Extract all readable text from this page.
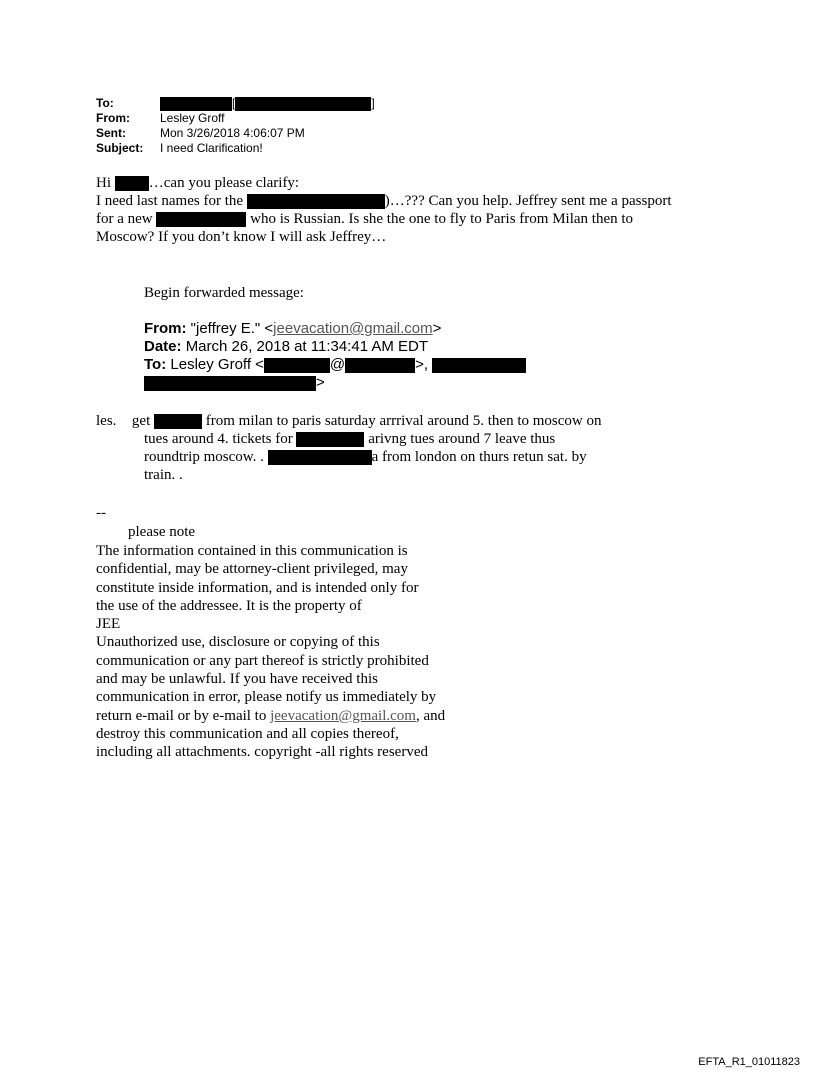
To:	[	]
From:	Lesley Groff
Sent:	Mon 3/26/2018 4:06:07 PM
Subject: I need Clarification!
Hi	…can you please clarify:
I need last names for the	)…??? Can you help. Jeffrey sent me a passport
for a new	who is Russian. Is she the one to fly to Paris from Milan then to
Moscow? If you don’t know I will ask Jeffrey…
Begin forwarded message:
From: "jeffrey E." <jeevacation@gmail.com>
Date: March 26, 2018 at 11:34:41 AM EDT
To: Lesley Groff <	@	>,
>
les. get	from milan to paris saturday arrrival around 5. then to moscow on
tues around 4. tickets for	arivng tues around 7 leave thus
roundtrip moscow. .	a from london on thurs retun sat. by
train. .
--
please note
The information contained in this communication is
confidential, may be attorney-client privileged, may
constitute inside information, and is intended only for
the use of the addressee. It is the property of
JEE
Unauthorized use, disclosure or copying of this
communication or any part thereof is strictly prohibited
and may be unlawful. If you have received this
communication in error, please notify us immediately by
return e-mail or by e-mail to jeevacation@gmail.com, and
destroy this communication and all copies thereof,
including all attachments. copyright -all rights reserved
EFTA_R1_01011823
